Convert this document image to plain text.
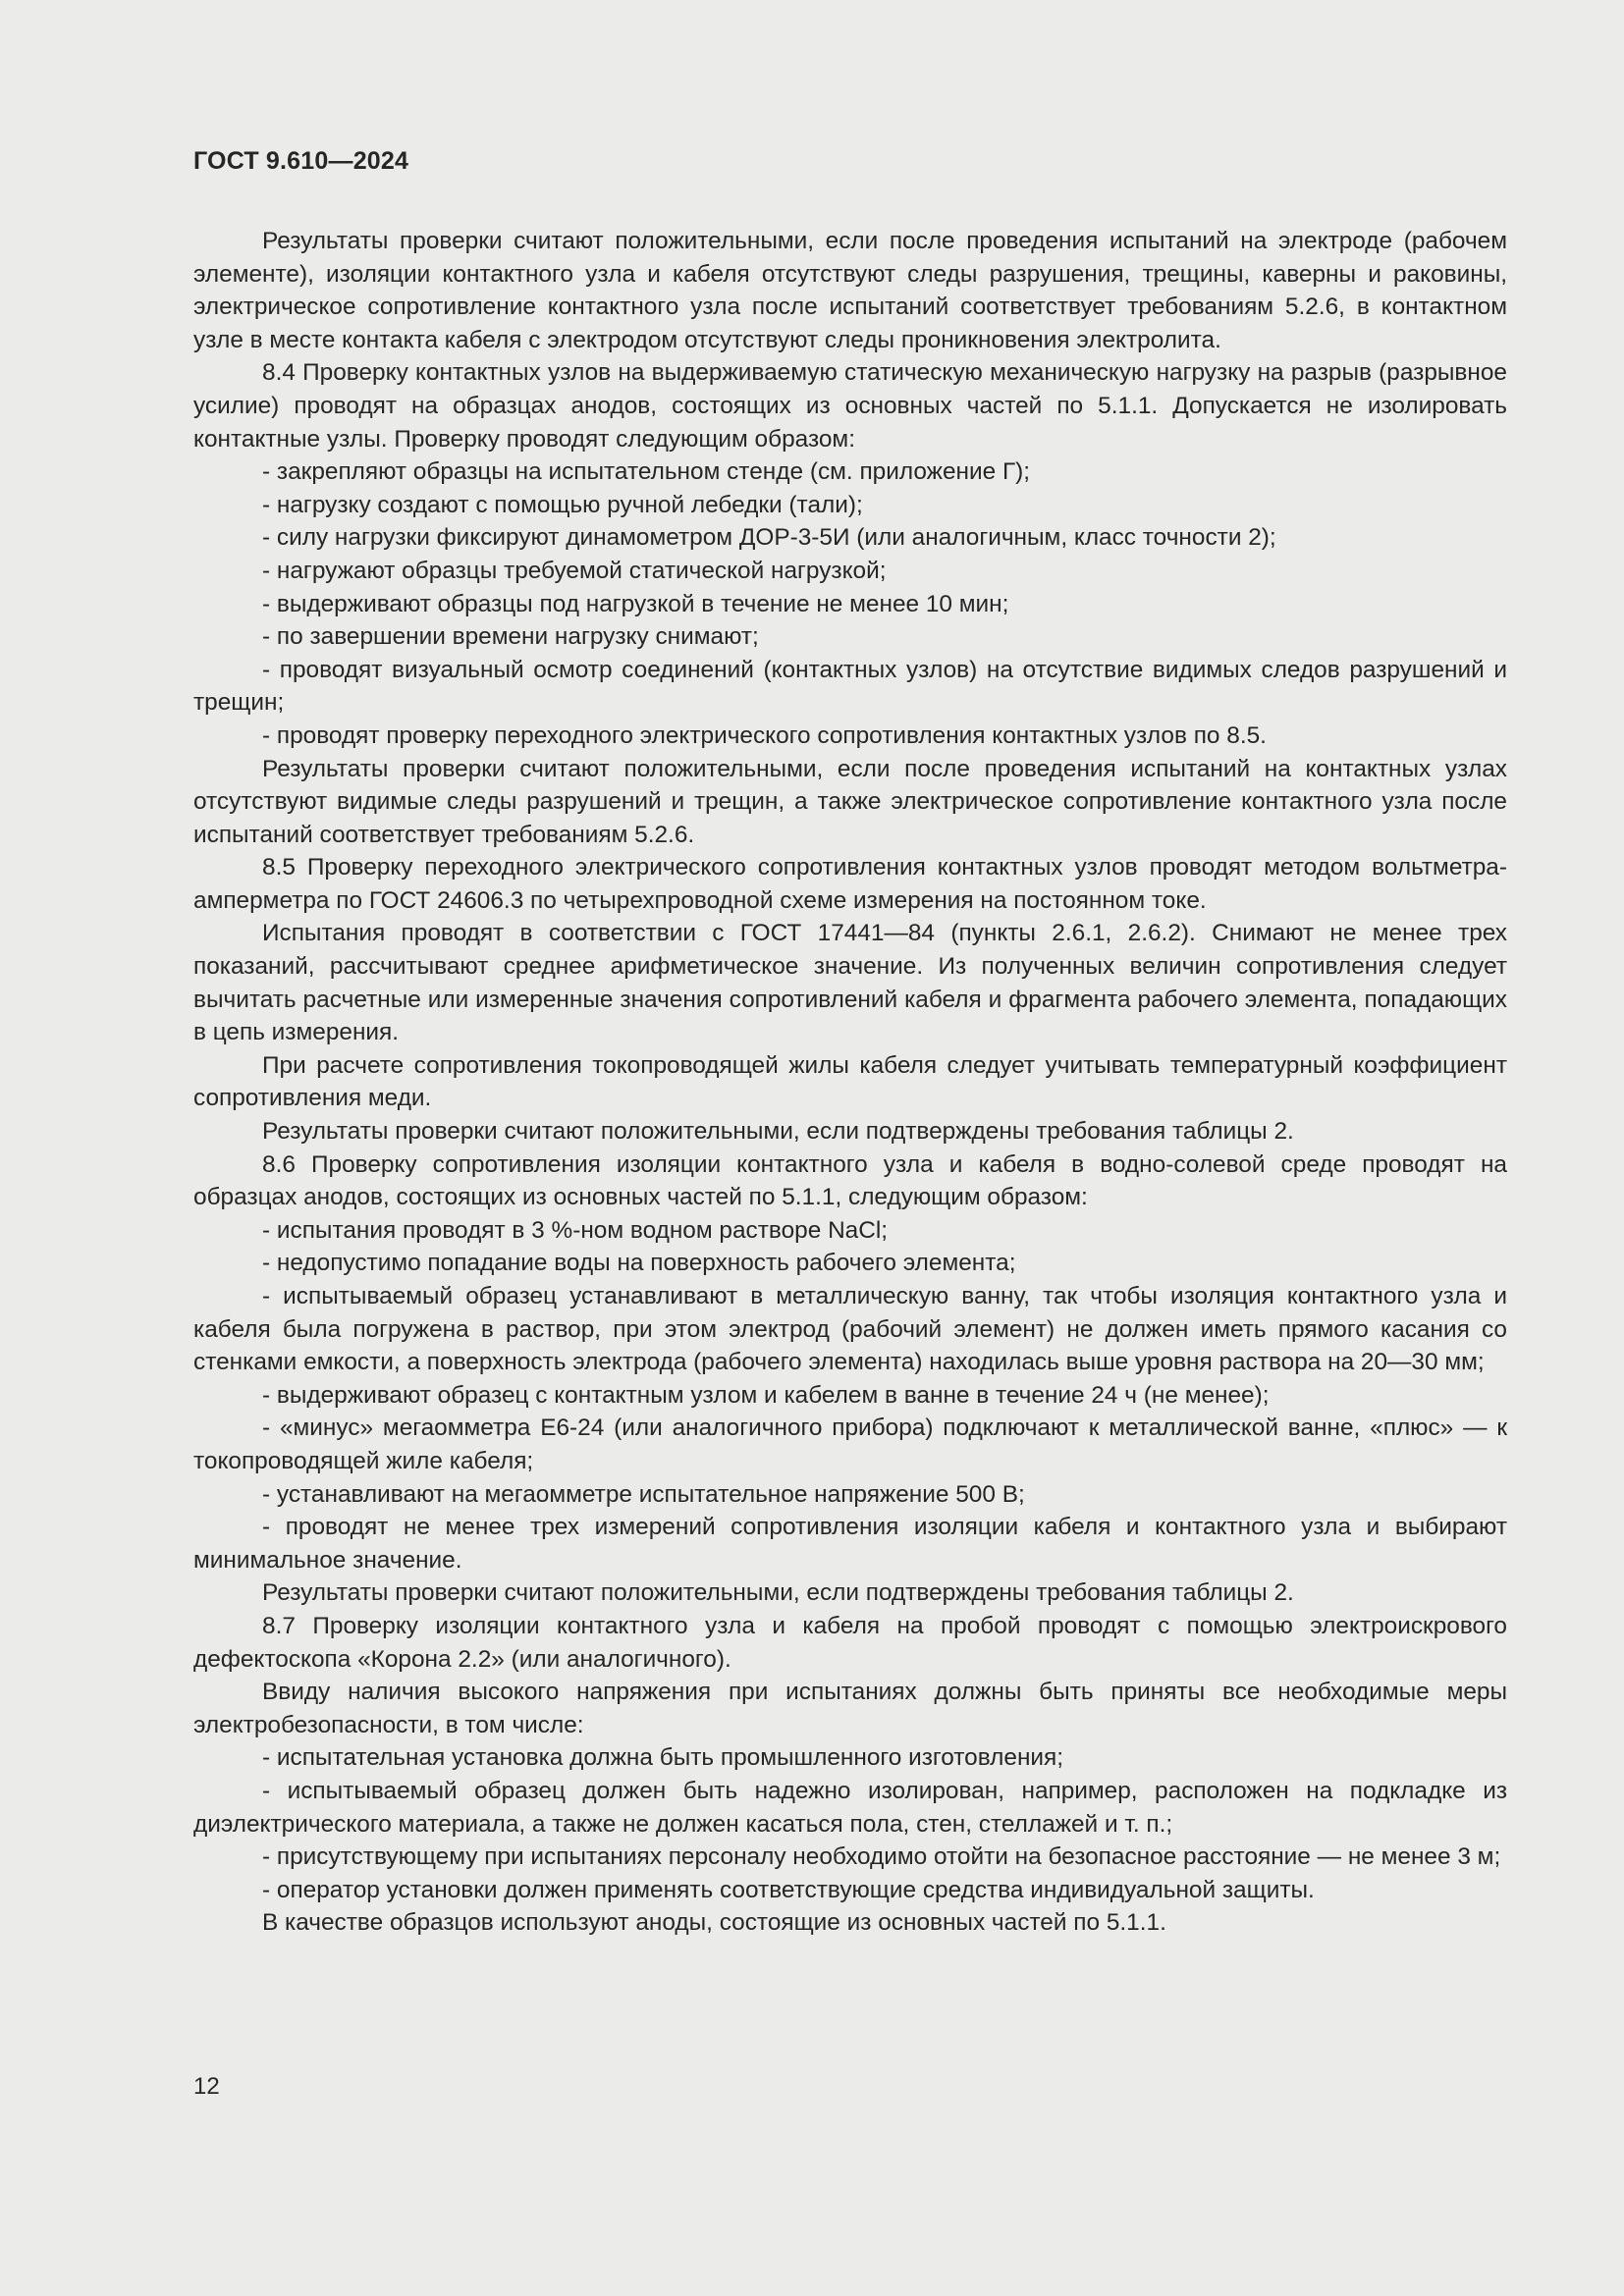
ГОСТ 9.610—2024

Результаты проверки считают положительными, если после проведения испытаний на электроде (рабочем элементе), изоляции контактного узла и кабеля отсутствуют следы разрушения, трещины, каверны и раковины, электрическое сопротивление контактного узла после испытаний соответствует требованиям 5.2.6, в контактном узле в месте контакта кабеля с электродом отсутствуют следы проникновения электролита.

8.4 Проверку контактных узлов на выдерживаемую статическую механическую нагрузку на разрыв (разрывное усилие) проводят на образцах анодов, состоящих из основных частей по 5.1.1. Допускается не изолировать контактные узлы. Проверку проводят следующим образом:

- закрепляют образцы на испытательном стенде (см. приложение Г);

- нагрузку создают с помощью ручной лебедки (тали);

- силу нагрузки фиксируют динамометром ДОР-3-5И (или аналогичным, класс точности 2);

- нагружают образцы требуемой статической нагрузкой;

- выдерживают образцы под нагрузкой в течение не менее 10 мин;

- по завершении времени нагрузку снимают;

- проводят визуальный осмотр соединений (контактных узлов) на отсутствие видимых следов разрушений и трещин;

- проводят проверку переходного электрического сопротивления контактных узлов по 8.5.

Результаты проверки считают положительными, если после проведения испытаний на контактных узлах отсутствуют видимые следы разрушений и трещин, а также электрическое сопротивление контактного узла после испытаний соответствует требованиям 5.2.6.

8.5 Проверку переходного электрического сопротивления контактных узлов проводят методом вольтметра-амперметра по ГОСТ 24606.3 по четырехпроводной схеме измерения на постоянном токе.

Испытания проводят в соответствии с ГОСТ 17441—84 (пункты 2.6.1, 2.6.2). Снимают не менее трех показаний, рассчитывают среднее арифметическое значение. Из полученных величин сопротивления следует вычитать расчетные или измеренные значения сопротивлений кабеля и фрагмента рабочего элемента, попадающих в цепь измерения.

При расчете сопротивления токопроводящей жилы кабеля следует учитывать температурный коэффициент сопротивления меди.

Результаты проверки считают положительными, если подтверждены требования таблицы 2.

8.6 Проверку сопротивления изоляции контактного узла и кабеля в водно-солевой среде проводят на образцах анодов, состоящих из основных частей по 5.1.1, следующим образом:

- испытания проводят в 3 %-ном водном растворе NaCl;

- недопустимо попадание воды на поверхность рабочего элемента;

- испытываемый образец устанавливают в металлическую ванну, так чтобы изоляция контактного узла и кабеля была погружена в раствор, при этом электрод (рабочий элемент) не должен иметь прямого касания со стенками емкости, а поверхность электрода (рабочего элемента) находилась выше уровня раствора на 20—30 мм;

- выдерживают образец с контактным узлом и кабелем в ванне в течение 24 ч (не менее);

- «минус» мегаомметра Е6-24 (или аналогичного прибора) подключают к металлической ванне, «плюс» — к токопроводящей жиле кабеля;

- устанавливают на мегаомметре испытательное напряжение 500 В;

- проводят не менее трех измерений сопротивления изоляции кабеля и контактного узла и выбирают минимальное значение.

Результаты проверки считают положительными, если подтверждены требования таблицы 2.

8.7 Проверку изоляции контактного узла и кабеля на пробой проводят с помощью электроискрового дефектоскопа «Корона 2.2» (или аналогичного).

Ввиду наличия высокого напряжения при испытаниях должны быть приняты все необходимые меры электробезопасности, в том числе:

- испытательная установка должна быть промышленного изготовления;

- испытываемый образец должен быть надежно изолирован, например, расположен на подкладке из диэлектрического материала, а также не должен касаться пола, стен, стеллажей и т. п.;

- присутствующему при испытаниях персоналу необходимо отойти на безопасное расстояние — не менее 3 м;

- оператор установки должен применять соответствующие средства индивидуальной защиты.

В качестве образцов используют аноды, состоящие из основных частей по 5.1.1.

12
